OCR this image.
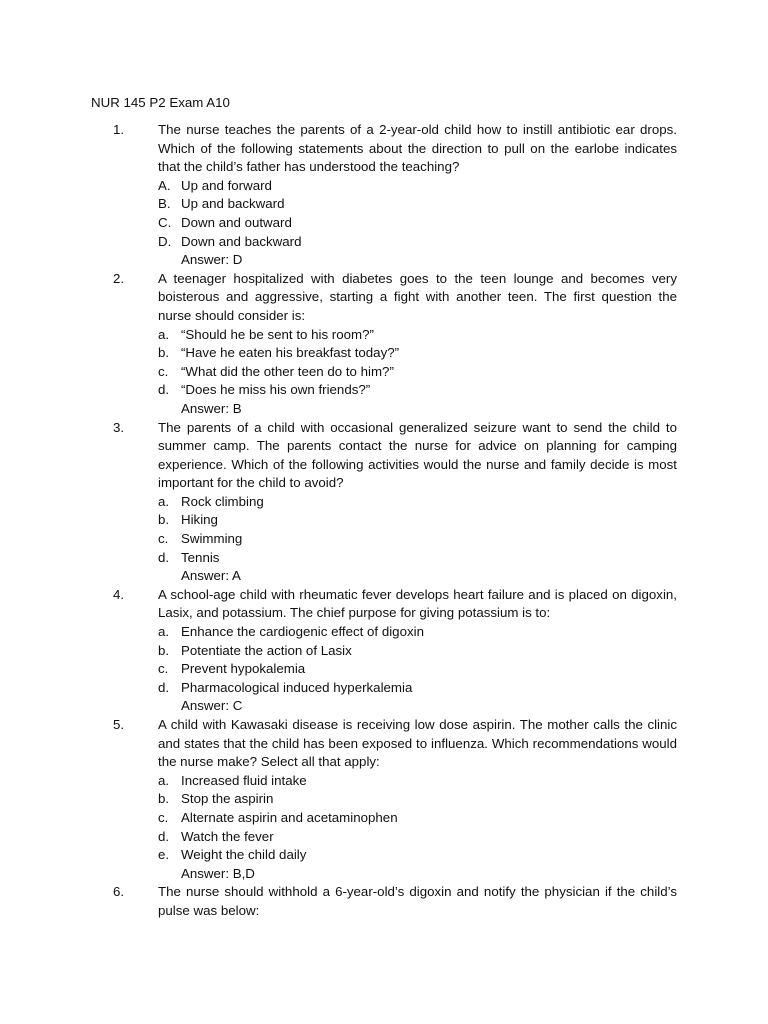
NUR 145 P2 Exam A10
1.	The nurse teaches the parents of a 2-year-old child how to instill antibiotic ear drops. Which of the following statements about the direction to pull on the earlobe indicates that the child’s father has understood the teaching?
A. Up and forward
B. Up and backward
C. Down and outward
D. Down and backward
Answer: D
2.	A teenager hospitalized with diabetes goes to the teen lounge and becomes very boisterous and aggressive, starting a fight with another teen. The first question the nurse should consider is:
a. “Should he be sent to his room?”
b. “Have he eaten his breakfast today?”
c. “What did the other teen do to him?”
d. “Does he miss his own friends?”
Answer: B
3.	The parents of a child with occasional generalized seizure want to send the child to summer camp. The parents contact the nurse for advice on planning for camping experience. Which of the following activities would the nurse and family decide is most important for the child to avoid?
a. Rock climbing
b. Hiking
c. Swimming
d. Tennis
Answer: A
4.	A school-age child with rheumatic fever develops heart failure and is placed on digoxin, Lasix, and potassium. The chief purpose for giving potassium is to:
a. Enhance the cardiogenic effect of digoxin
b. Potentiate the action of Lasix
c. Prevent hypokalemia
d. Pharmacological induced hyperkalemia
Answer: C
5.	A child with Kawasaki disease is receiving low dose aspirin. The mother calls the clinic and states that the child has been exposed to influenza. Which recommendations would the nurse make? Select all that apply:
a. Increased fluid intake
b. Stop the aspirin
c. Alternate aspirin and acetaminophen
d. Watch the fever
e. Weight the child daily
Answer: B,D
6.	The nurse should withhold a 6-year-old’s digoxin and notify the physician if the child’s pulse was below:
